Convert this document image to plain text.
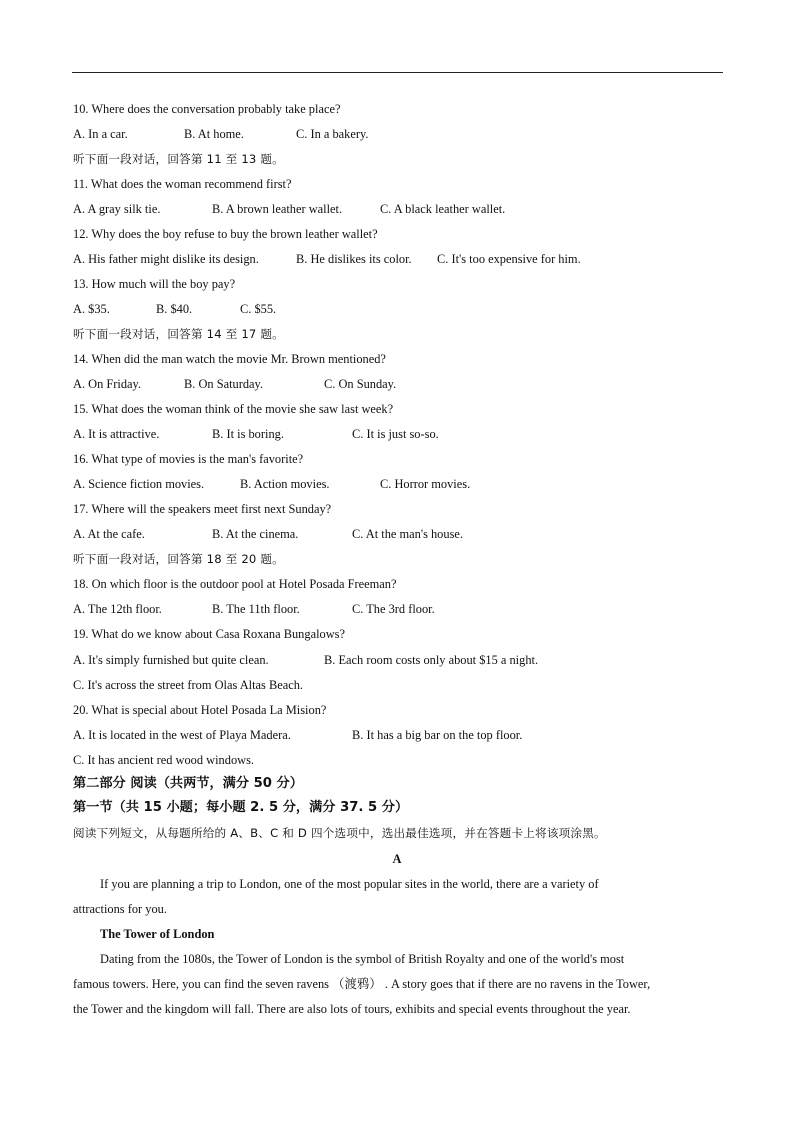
10. Where does the conversation probably take place?
A. In a car.	B. At home.	C. In a bakery.
听下面一段对话，回答第 11 至 13 题。
11. What does the woman recommend first?
A. A gray silk tie.	B. A brown leather wallet.	C. A black leather wallet.
12. Why does the boy refuse to buy the brown leather wallet?
A. His father might dislike its design.	B. He dislikes its color. C. It's too expensive for him.
13. How much will the boy pay?
A. $35.	B. $40.	C. $55.
听下面一段对话，回答第 14 至 17 题。
14. When did the man watch the movie Mr. Brown mentioned?
A. On Friday.	B. On Saturday.	C. On Sunday.
15. What does the woman think of the movie she saw last week?
A. It is attractive.	B. It is boring.	C. It is just so-so.
16. What type of movies is the man's favorite?
A. Science fiction movies.	B. Action movies.	C. Horror movies.
17. Where will the speakers meet first next Sunday?
A. At the cafe.	B. At the cinema.	C. At the man's house.
听下面一段对话，回答第 18 至 20 题。
18. On which floor is the outdoor pool at Hotel Posada Freeman?
A. The 12th floor.	B. The 11th floor.	C. The 3rd floor.
19. What do we know about Casa Roxana Bungalows?
A. It's simply furnished but quite clean.	B. Each room costs only about $15 a night.
C. It's across the street from Olas Altas Beach.
20. What is special about Hotel Posada La Mision?
A. It is located in the west of Playa Madera.	B. It has a big bar on the top floor.
C. It has ancient red wood windows.
第二部分 阅读（共两节，满分 50 分）
第一节（共 15 小题；每小题 2. 5 分，满分 37. 5 分）
阅读下列短文，从每题所给的 A、B、C 和 D 四个选项中，选出最佳选项，并在答题卡上将该项涂黑。
A
If you are planning a trip to London, one of the most popular sites in the world, there are a variety of
attractions for you.
The Tower of London
Dating from the 1080s, the Tower of London is the symbol of British Royalty and one of the world's most
famous towers. Here, you can find the seven ravens （渡鸦） . A story goes that if there are no ravens in the Tower,
the Tower and the kingdom will fall. There are also lots of tours, exhibits and special events throughout the year.
